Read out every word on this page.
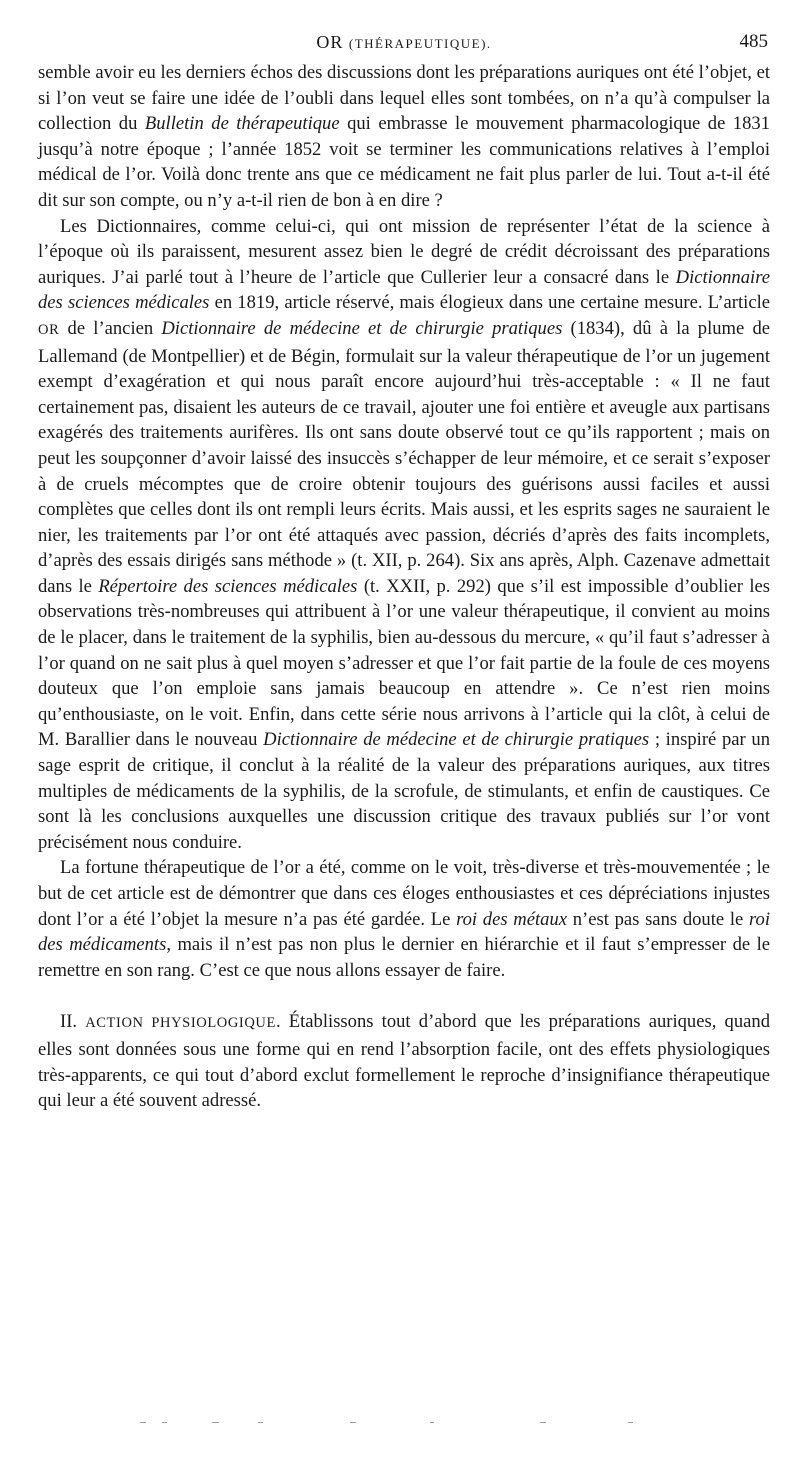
OR (THÉRAPEUTIQUE).	485

semble avoir eu les derniers échos des discussions dont les préparations auriques ont été l’objet, et si l’on veut se faire une idée de l’oubli dans lequel elles sont tombées, on n’a qu’à compulser la collection du Bulletin de thérapeutique qui embrasse le mouvement pharmacologique de 1831 jusqu’à notre époque ; l’année 1852 voit se terminer les communications relatives à l’emploi médical de l’or. Voilà donc trente ans que ce médicament ne fait plus parler de lui. Tout a-t-il été dit sur son compte, ou n’y a-t-il rien de bon à en dire ?

Les Dictionnaires, comme celui-ci, qui ont mission de représenter l’état de la science à l’époque où ils paraissent, mesurent assez bien le degré de crédit décroissant des préparations auriques. J’ai parlé tout à l’heure de l’article que Cullerier leur a consacré dans le Dictionnaire des sciences médicales en 1819, article réservé, mais élogieux dans une certaine mesure. L’article OR de l’ancien Dictionnaire de médecine et de chirurgie pratiques (1834), dû à la plume de Lallemand (de Montpellier) et de Bégin, formulait sur la valeur thérapeutique de l’or un jugement exempt d’exagération et qui nous paraît encore aujourd’hui très-acceptable : « Il ne faut certainement pas, disaient les auteurs de ce travail, ajouter une foi entière et aveugle aux partisans exagérés des traitements aurifères. Ils ont sans doute observé tout ce qu’ils rapportent ; mais on peut les soupçonner d’avoir laissé des insuccès s’échapper de leur mémoire, et ce serait s’exposer à de cruels mécomptes que de croire obtenir toujours des guérisons aussi faciles et aussi complètes que celles dont ils ont rempli leurs écrits. Mais aussi, et les esprits sages ne sauraient le nier, les traitements par l’or ont été attaqués avec passion, décriés d’après des faits incomplets, d’après des essais dirigés sans méthode » (t. XII, p. 264). Six ans après, Alph. Cazenave admettait dans le Répertoire des sciences médicales (t. XXII, p. 292) que s’il est impossible d’oublier les observations très-nombreuses qui attribuent à l’or une valeur thérapeutique, il convient au moins de le placer, dans le traitement de la syphilis, bien au-dessous du mercure, « qu’il faut s’adresser à l’or quand on ne sait plus à quel moyen s’adresser et que l’or fait partie de la foule de ces moyens douteux que l’on emploie sans jamais beaucoup en attendre ». Ce n’est rien moins qu’enthousiaste, on le voit. Enfin, dans cette série nous arrivons à l’article qui la clôt, à celui de M. Barallier dans le nouveau Dictionnaire de médecine et de chirurgie pratiques ; inspiré par un sage esprit de critique, il conclut à la réalité de la valeur des préparations auriques, aux titres multiples de médicaments de la syphilis, de la scrofule, de stimulants, et enfin de caustiques. Ce sont là les conclusions auxquelles une discussion critique des travaux publiés sur l’or vont précisément nous conduire.

La fortune thérapeutique de l’or a été, comme on le voit, très-diverse et très-mouvementée ; le but de cet article est de démontrer que dans ces éloges enthousiastes et ces dépréciations injustes dont l’or a été l’objet la mesure n’a pas été gardée. Le roi des métaux n’est pas sans doute le roi des médicaments, mais il n’est pas non plus le dernier en hiérarchie et il faut s’empresser de le remettre en son rang. C’est ce que nous allons essayer de faire.

II. ACTION PHYSIOLOGIQUE. Établissons tout d’abord que les préparations auriques, quand elles sont données sous une forme qui en rend l’absorption facile, ont des effets physiologiques très-apparents, ce qui tout d’abord exclut formellement le reproche d’insignifiance thérapeutique qui leur a été souvent adressé.
